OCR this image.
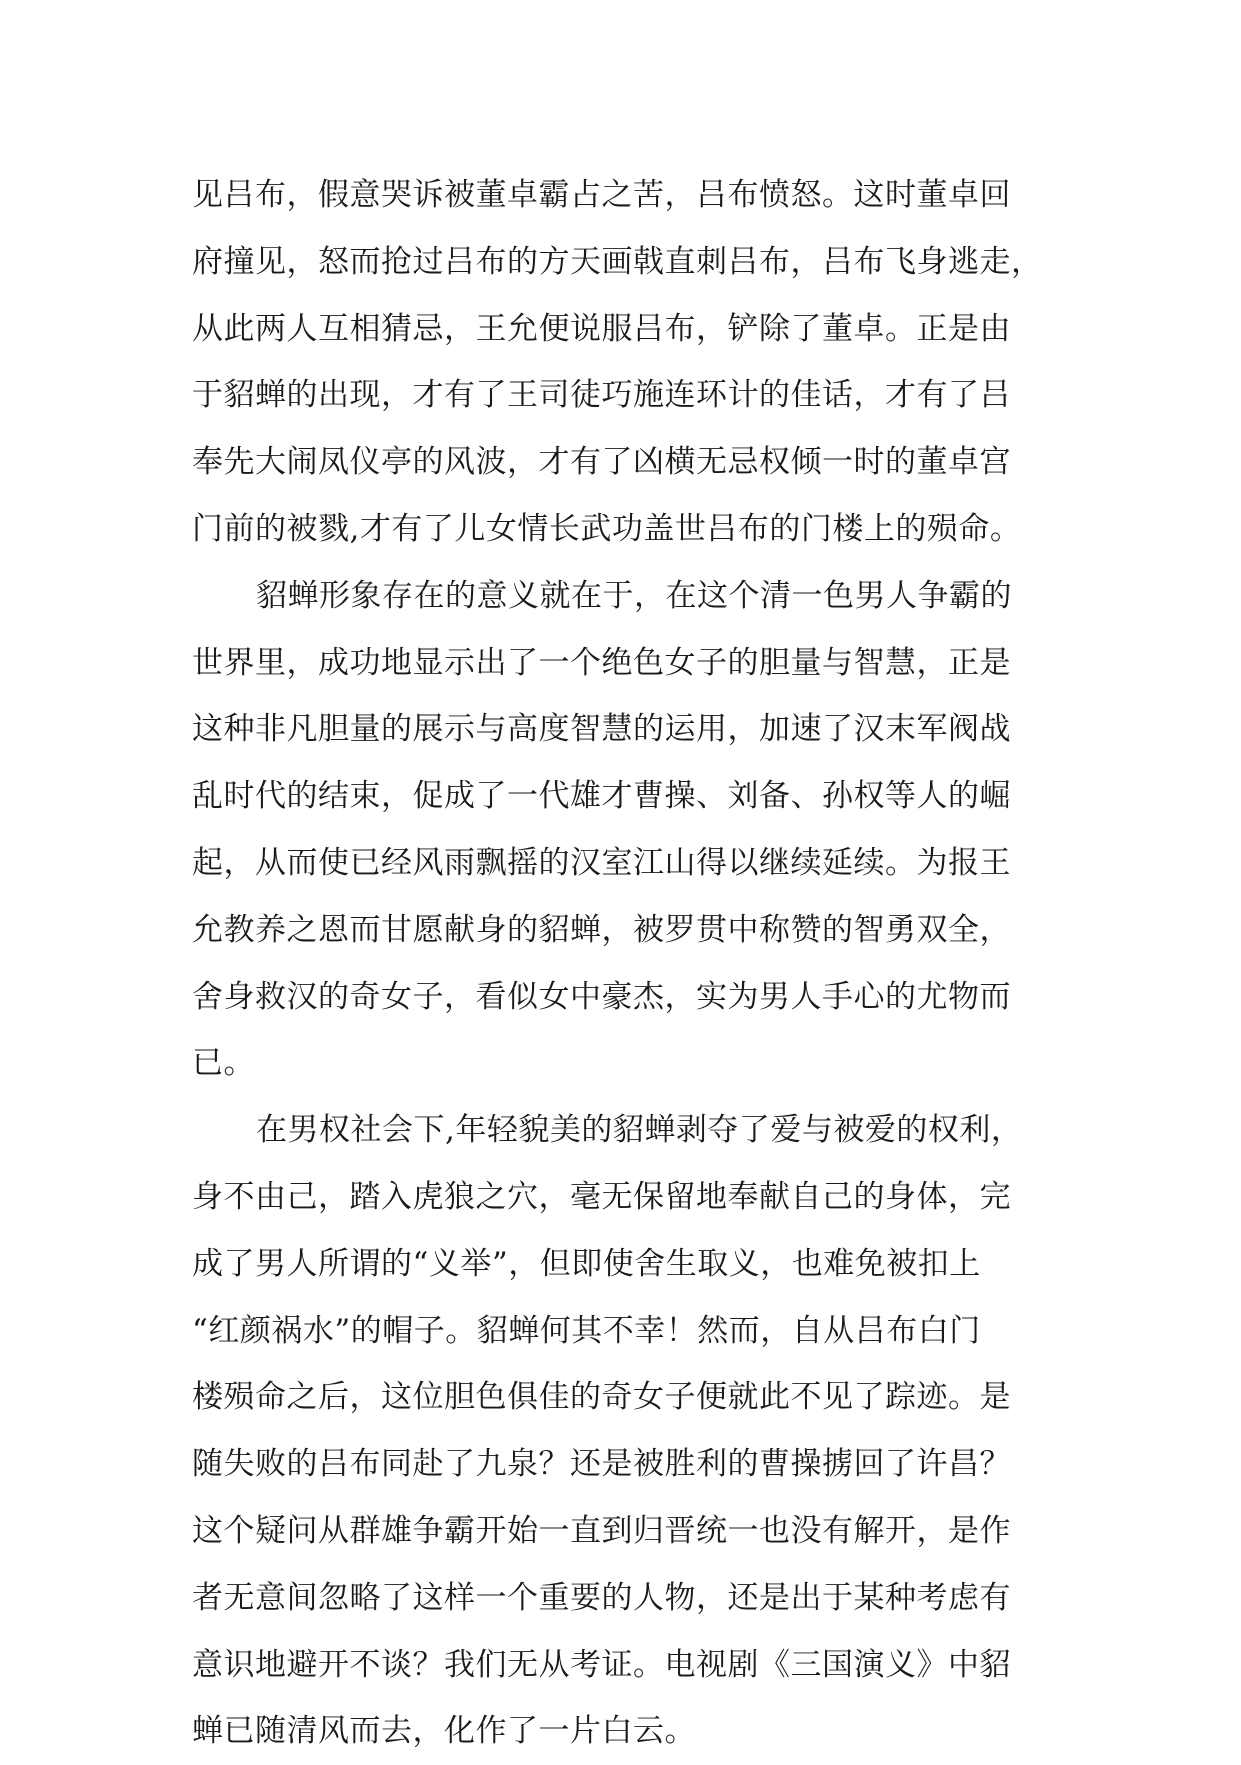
见吕布，假意哭诉被董卓霸占之苦，吕布愤怒。这时董卓回
府撞见，怒而抢过吕布的方天画戟直刺吕布，吕布飞身逃走，
从此两人互相猜忌，王允便说服吕布，铲除了董卓。正是由
于貂蝉的出现，才有了王司徒巧施连环计的佳话，才有了吕
奉先大闹凤仪亭的风波，才有了凶横无忌权倾一时的董卓宫
门前的被戮,才有了儿女情长武功盖世吕布的门楼上的殒命。
貂蝉形象存在的意义就在于，在这个清一色男人争霸的
世界里，成功地显示出了一个绝色女子的胆量与智慧，正是
这种非凡胆量的展示与高度智慧的运用，加速了汉末军阀战
乱时代的结束，促成了一代雄才曹操、刘备、孙权等人的崛
起，从而使已经风雨飘摇的汉室江山得以继续延续。为报王
允教养之恩而甘愿献身的貂蝉，被罗贯中称赞的智勇双全，
舍身救汉的奇女子，看似女中豪杰，实为男人手心的尤物而
已。
在男权社会下,年轻貌美的貂蝉剥夺了爱与被爱的权利，
身不由己，踏入虎狼之穴，毫无保留地奉献自己的身体，完
成了男人所谓的“义举”，但即使舍生取义，也难免被扣上
“红颜祸水”的帽子。貂蝉何其不幸！然而，自从吕布白门
楼殒命之后，这位胆色俱佳的奇女子便就此不见了踪迹。是
随失败的吕布同赴了九泉？还是被胜利的曹操掳回了许昌？
这个疑问从群雄争霸开始一直到归晋统一也没有解开，是作
者无意间忽略了这样一个重要的人物，还是出于某种考虑有
意识地避开不谈？我们无从考证。电视剧《三国演义》中貂
蝉已随清风而去，化作了一片白云。
